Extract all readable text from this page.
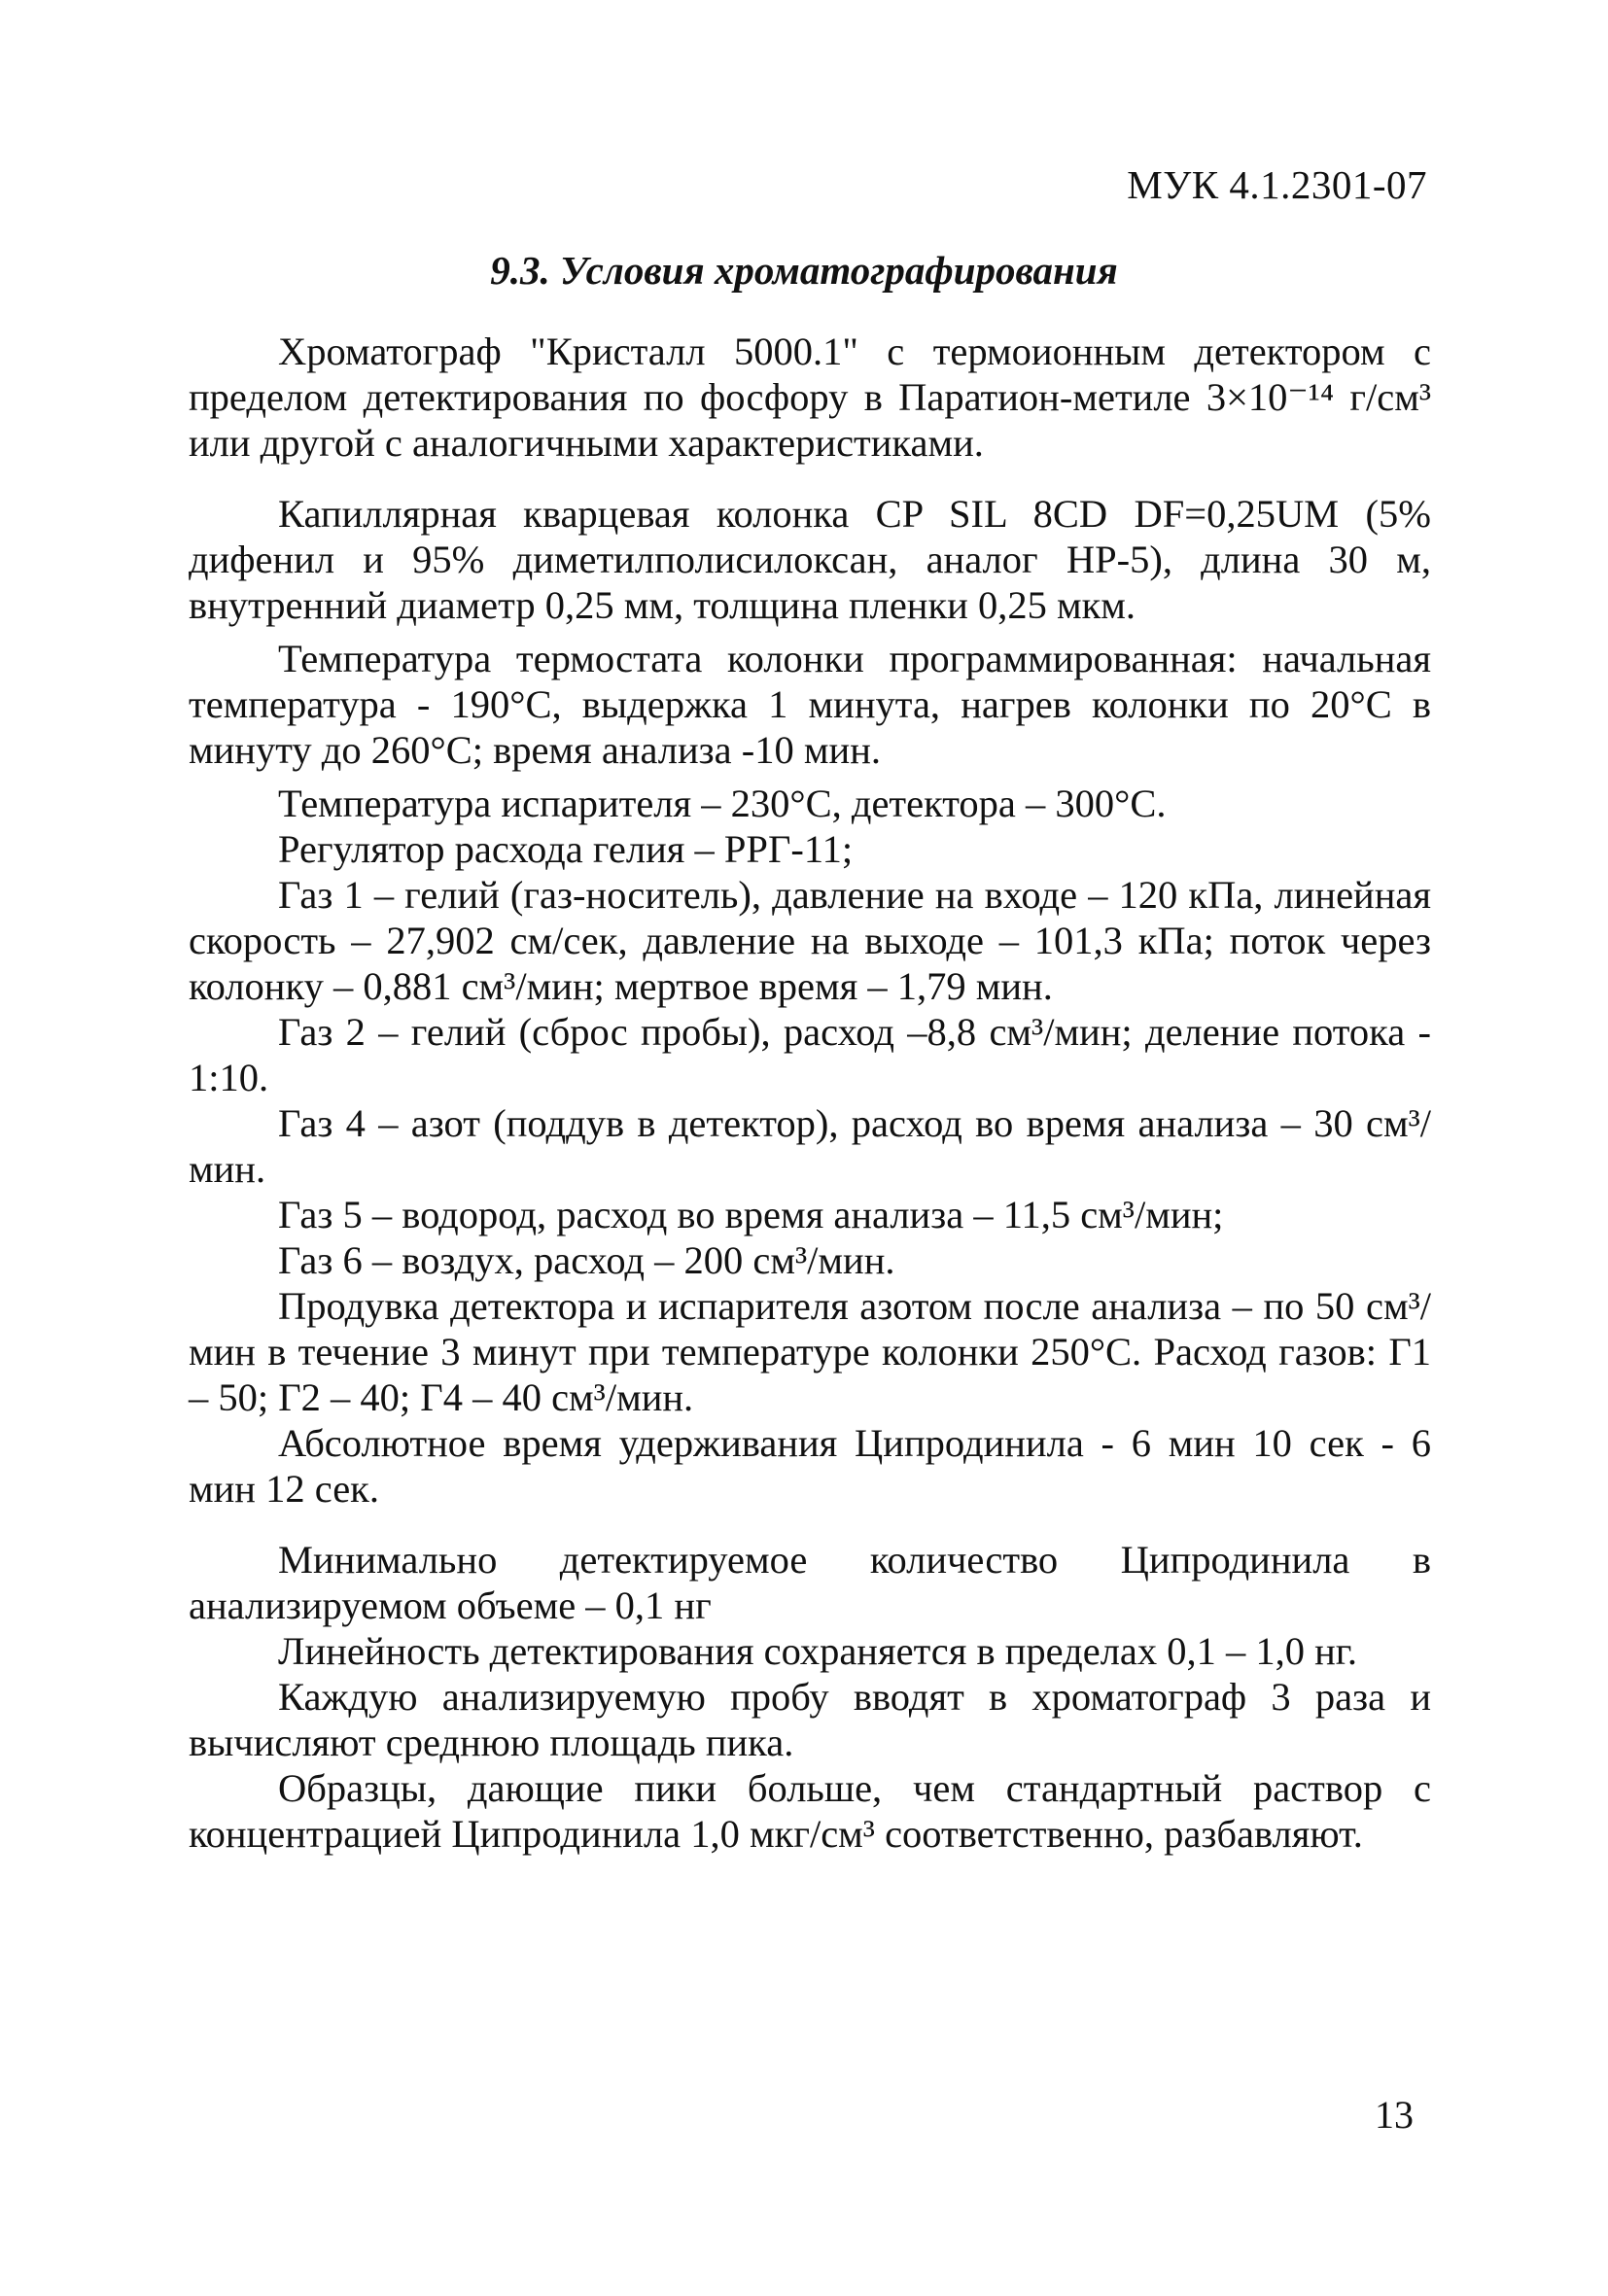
МУК 4.1.2301-07
9.3. Условия хроматографирования

Хроматограф "Кристалл 5000.1" с термоионным детектором с пределом детектирования по фосфору в Паратион-метиле 3×10⁻¹⁴ г/см³ или другой с аналогичными характеристиками.

Капиллярная кварцевая колонка CP SIL 8CD DF=0,25UM (5% дифенил и 95% диметилполисилоксан, аналог HP-5), длина 30 м, внутренний диаметр 0,25 мм, толщина пленки 0,25 мкм.

Температура термостата колонки программированная: начальная температура - 190°С, выдержка 1 минута, нагрев колонки по 20°С в минуту до 260°С; время анализа -10 мин.

Температура испарителя – 230°С, детектора – 300°С.

Регулятор расхода гелия – РРГ-11;

Газ 1 – гелий (газ-носитель), давление на входе – 120 кПа, линейная скорость – 27,902 см/сек, давление на выходе – 101,3 кПа; поток через колонку – 0,881 см³/мин; мертвое время – 1,79 мин.

Газ 2 – гелий (сброс пробы), расход –8,8 см³/мин; деление потока - 1:10.

Газ 4 – азот (поддув в детектор), расход во время анализа – 30 см³/мин.

Газ 5 – водород, расход во время анализа – 11,5 см³/мин;

Газ 6 – воздух, расход – 200 см³/мин.

Продувка детектора и испарителя азотом после анализа – по 50 см³/мин в течение 3 минут при температуре колонки 250°С. Расход газов: Г1 – 50; Г2 – 40; Г4 – 40 см³/мин.

Абсолютное время удерживания Ципродинила - 6 мин 10 сек - 6 мин 12 сек.

Минимально детектируемое количество Ципродинила в анализируемом объеме – 0,1 нг

Линейность детектирования сохраняется в пределах 0,1 – 1,0 нг.

Каждую анализируемую пробу вводят в хроматограф 3 раза и вычисляют среднюю площадь пика.

Образцы, дающие пики больше, чем стандартный раствор с концентрацией Ципродинила 1,0 мкг/см³ соответственно, разбавляют.

13
